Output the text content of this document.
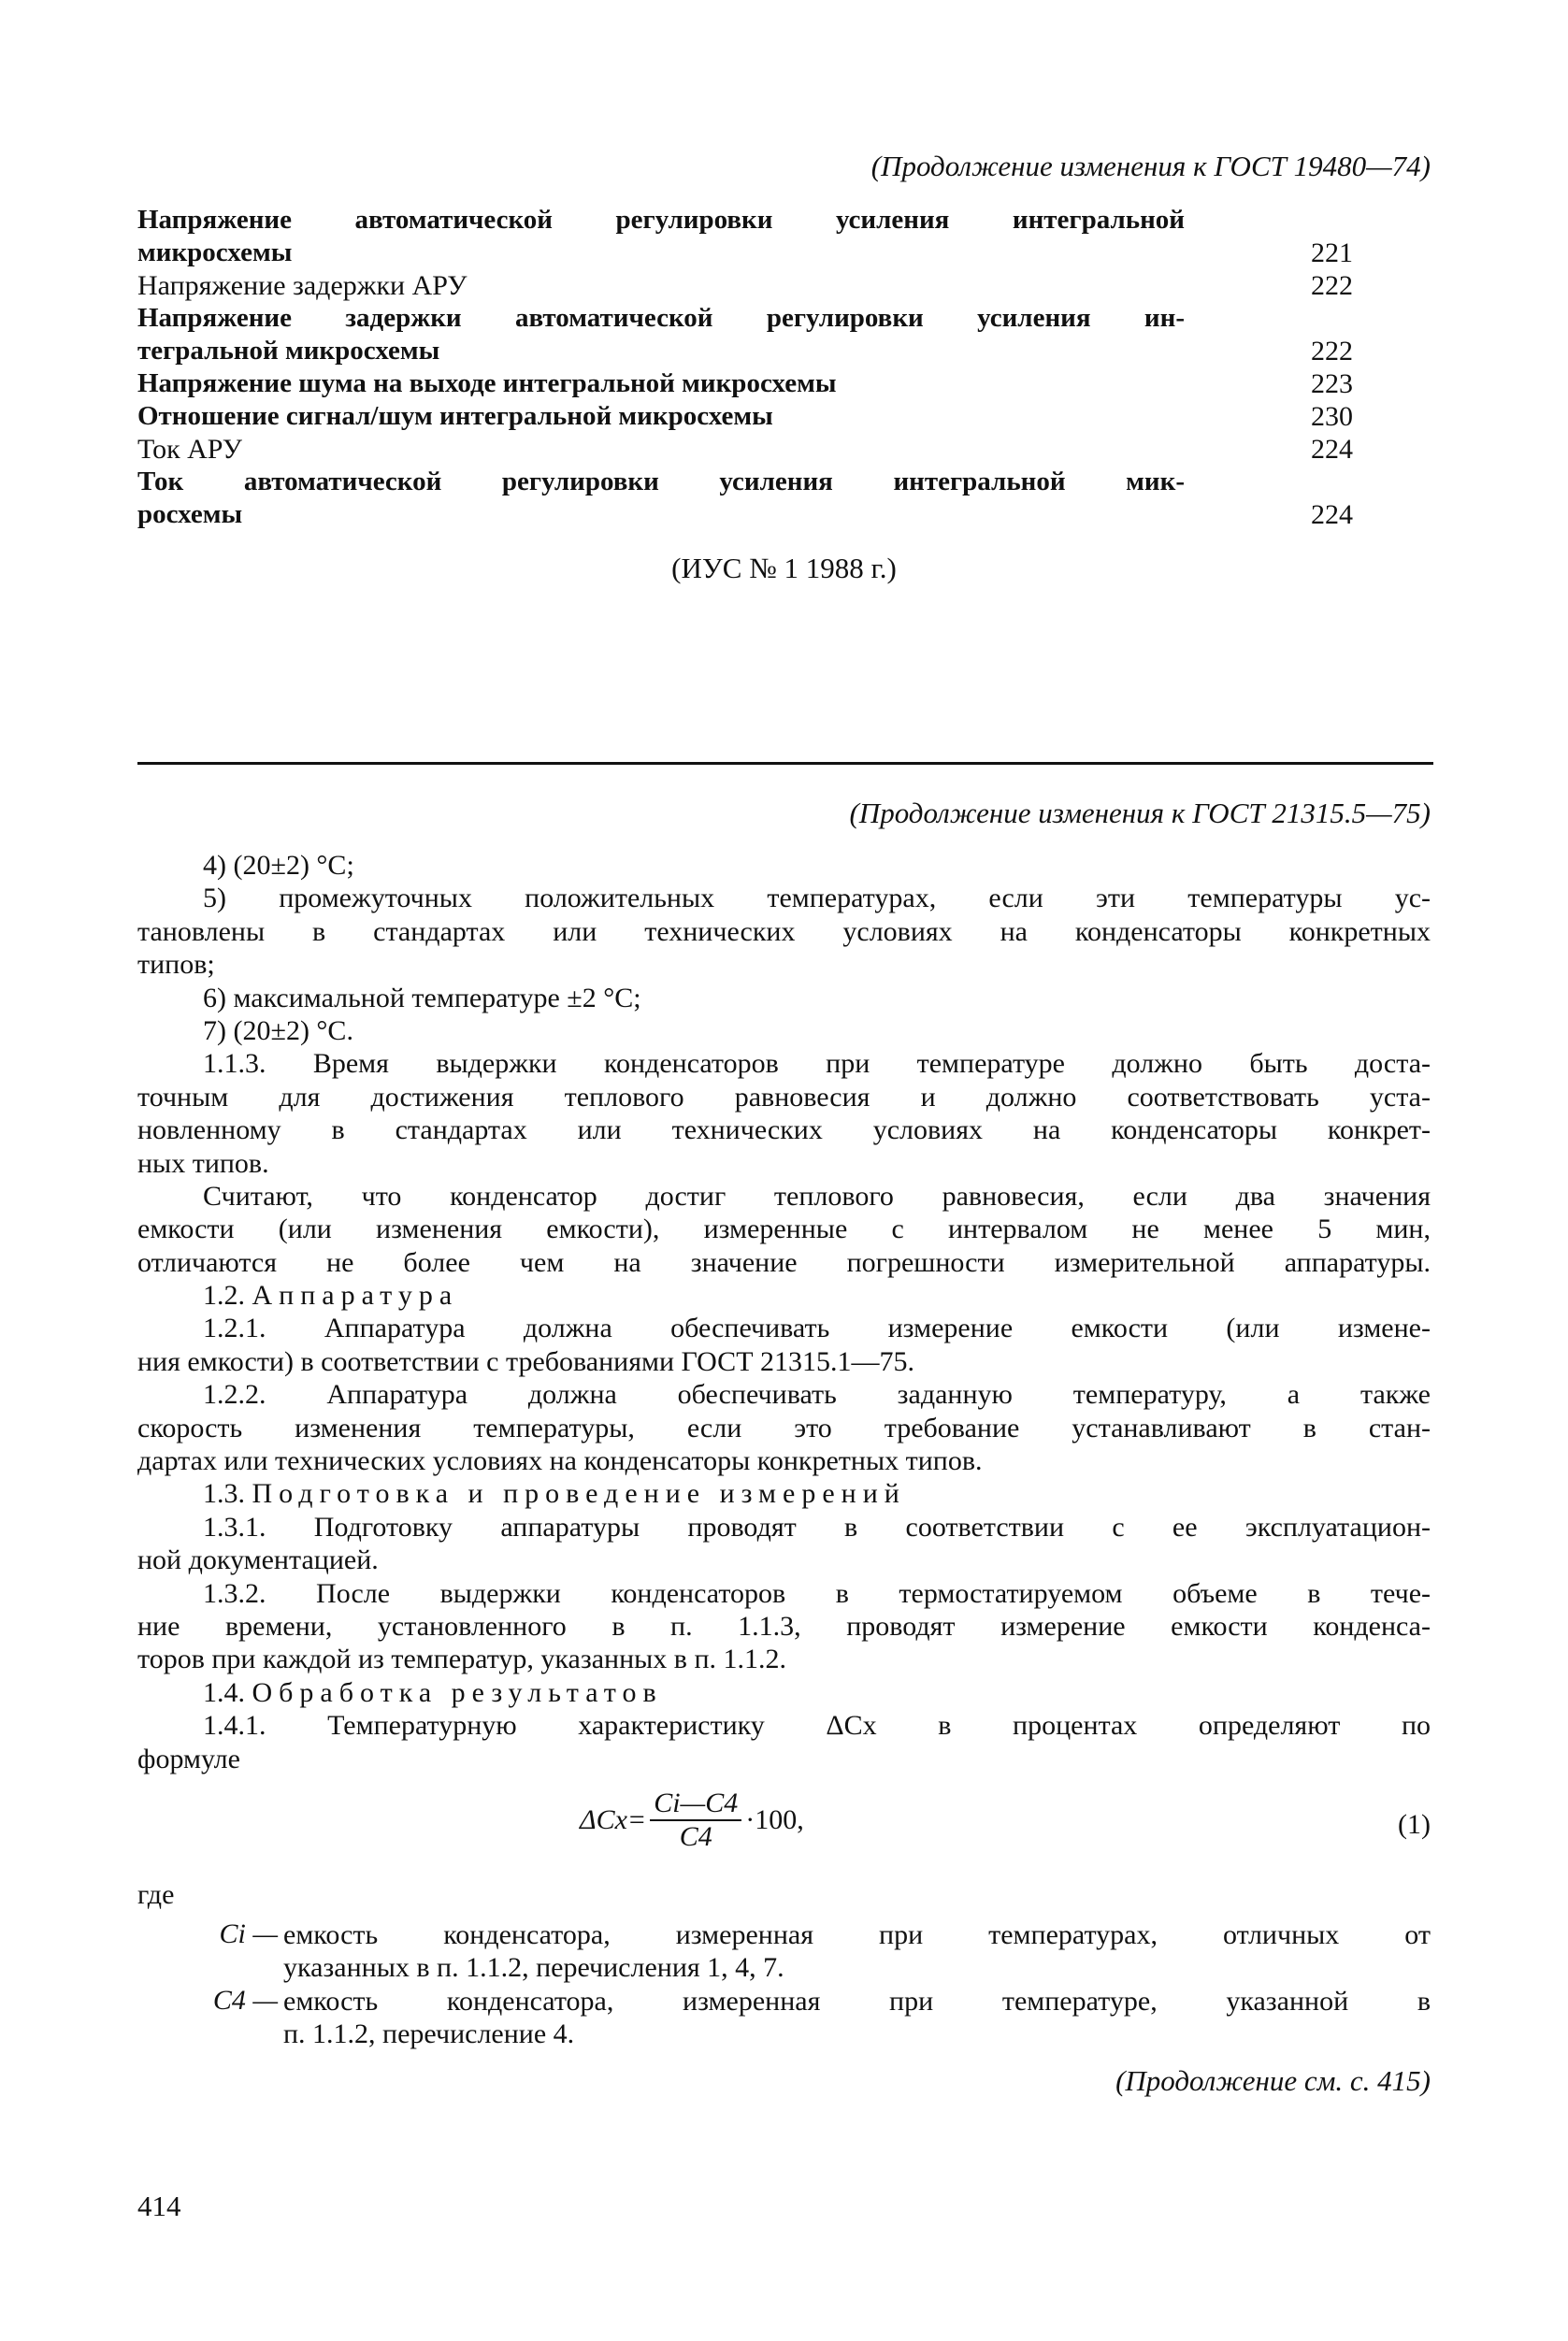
(Продолжение изменения к ГОСТ 19480—74)
Напряжение автоматической регулировки усиления интегральной
микросхемы	221
Напряжение задержки АРУ	222
Напряжение задержки автоматической регулировки усиления ин-
тегральной микросхемы	222
Напряжение шума на выходе интегральной микросхемы	223
Отношение сигнал/шум интегральной микросхемы	230
Ток АРУ	224
Ток автоматической регулировки усиления интегральной мик-
росхемы	224
(ИУС № 1 1988 г.)
(Продолжение изменения к ГОСТ 21315.5—75)
4) (20±2) °С;
5) промежуточных положительных температурах, если эти температуры ус-
тановлены в стандартах или технических условиях на конденсаторы конкретных
типов;
6) максимальной температуре ±2 °С;
7) (20±2) °С.
1.1.3. Время выдержки конденсаторов при температуре должно быть доста-
точным для достижения теплового равновесия и должно соответствовать уста-
новленному в стандартах или технических условиях на конденсаторы конкрет-
ных типов.
Считают, что конденсатор достиг теплового равновесия, если два значения
емкости (или изменения емкости), измеренные с интервалом не менее 5 мин,
отличаются не более чем на значение погрешности измерительной аппаратуры.
1.2. Аппаратура
1.2.1. Аппаратура должна обеспечивать измерение емкости (или измене-
ния емкости) в соответствии с требованиями ГОСТ 21315.1—75.
1.2.2. Аппаратура должна обеспечивать заданную температуру, а также
скорость изменения температуры, если это требование устанавливают в стан-
дартах или технических условиях на конденсаторы конкретных типов.
1.3. Подготовка и проведение измерений
1.3.1. Подготовку аппаратуры проводят в соответствии с ее эксплуатацион-
ной документацией.
1.3.2. После выдержки конденсаторов в термостатируемом объеме в тече-
ние времени, установленного в п. 1.1.3, проводят измерение емкости конденса-
торов при каждой из температур, указанных в п. 1.1.2.
1.4. Обработка результатов
1.4.1. Температурную характеристику ΔCx в процентах определяют по
формуле
$\Delta Cx= \frac{Ci—C4}{C4} \cdot 100$,	(1)
где
Ci — емкость конденсатора, измеренная при температурах, отличных от
указанных в п. 1.1.2, перечисления 1, 4, 7.
C4 — емкость конденсатора, измеренная при температуре, указанной в
п. 1.1.2, перечисление 4.
(Продолжение см. с. 415)
414
